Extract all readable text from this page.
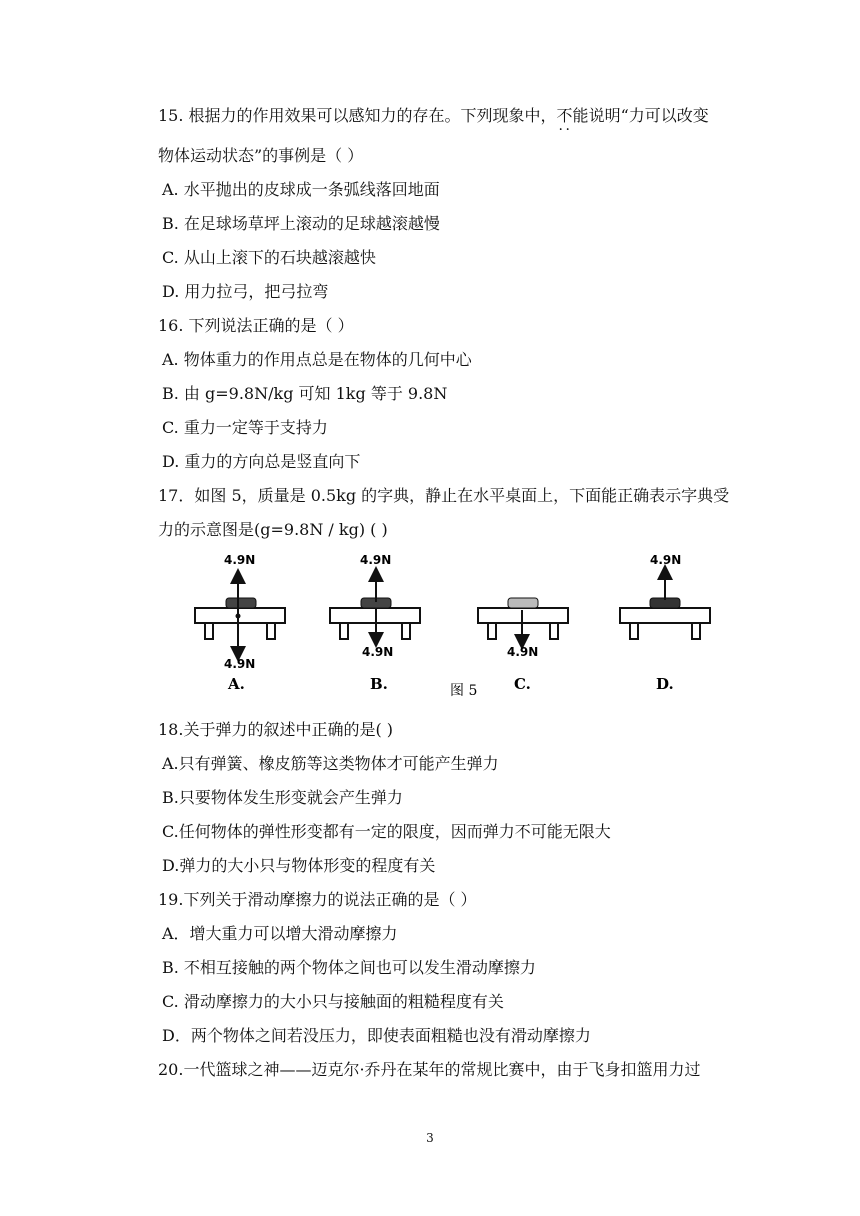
15. 根据力的作用效果可以感知力的存在。下列现象中，不能 · ·说明“力可以改变
物体运动状态”的事例是（ ）
A. 水平抛出的皮球成一条弧线落回地面
B. 在足球场草坪上滚动的足球越滚越慢
C. 从山上滚下的石块越滚越快
D. 用力拉弓，把弓拉弯
16. 下列说法正确的是（ ）
A. 物体重力的作用点总是在物体的几何中心
B. 由 g=9.8N/kg 可知 1kg 等于 9.8N
C. 重力一定等于支持力
D. 重力的方向总是竖直向下
17．如图 5，质量是 0.5kg 的字典，静止在水平桌面上，下面能正确表示字典受
力的示意图是(g=9.8N / kg) ( )
4.9N
4.9N
A.
4.9N
4.9N
B.
4.9N
C.
4.9N
D.
图 5
18.关于弹力的叙述中正确的是( )
A.只有弹簧、橡皮筋等这类物体才可能产生弹力
B.只要物体发生形变就会产生弹力
C.任何物体的弹性形变都有一定的限度，因而弹力不可能无限大
D.弹力的大小只与物体形变的程度有关
19.下列关于滑动摩擦力的说法正确的是（ ）
A．增大重力可以增大滑动摩擦力
B. 不相互接触的两个物体之间也可以发生滑动摩擦力
C. 滑动摩擦力的大小只与接触面的粗糙程度有关
D．两个物体之间若没压力，即使表面粗糙也没有滑动摩擦力
20.一代篮球之神——迈克尔·乔丹在某年的常规比赛中，由于飞身扣篮用力过
3
